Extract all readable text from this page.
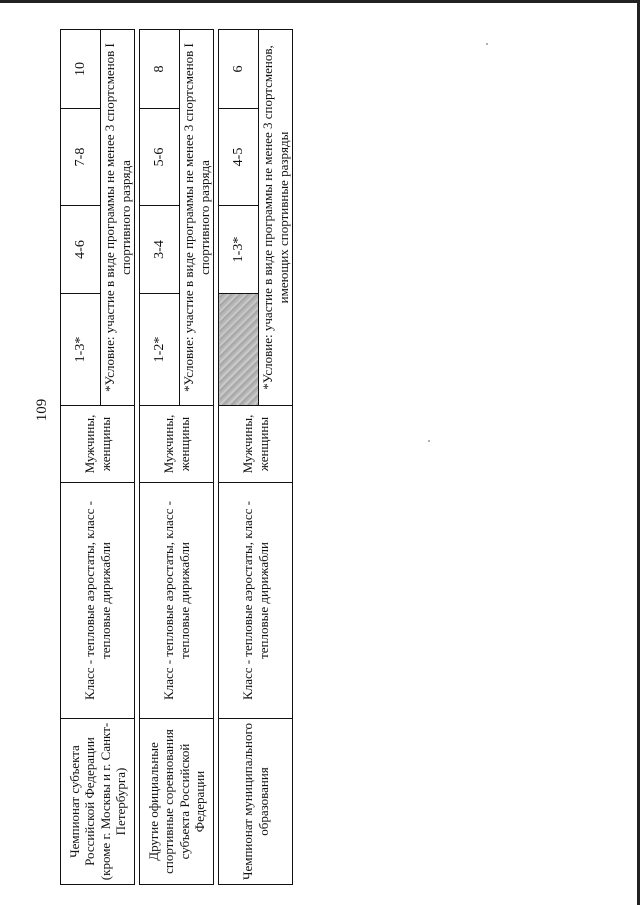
109
Чемпионат субъекта Российской Федерации (кроме г. Москвы и г. Санкт-Петербурга)	Класс - тепловые аэростаты, класс - тепловые дирижабли	Мужчины, женщины	1-3*	4-6	7-8	10
			*Условие: участие в виде программы не менее 3 спортсменов I спортивного разряда			

Другие официальные спортивные соревнования субъекта Российской Федерации	Класс - тепловые аэростаты, класс - тепловые дирижабли	Мужчины, женщины	1-2*	3-4	5-6	8
			*Условие: участие в виде программы не менее 3 спортсменов I спортивного разряда			

Чемпионат муниципального образования	Класс - тепловые аэростаты, класс - тепловые дирижабли	Мужчины, женщины		1-3*	4-5	6
			*Условие: участие в виде программы не менее 3 спортсменов, имеющих спортивные разряды			
